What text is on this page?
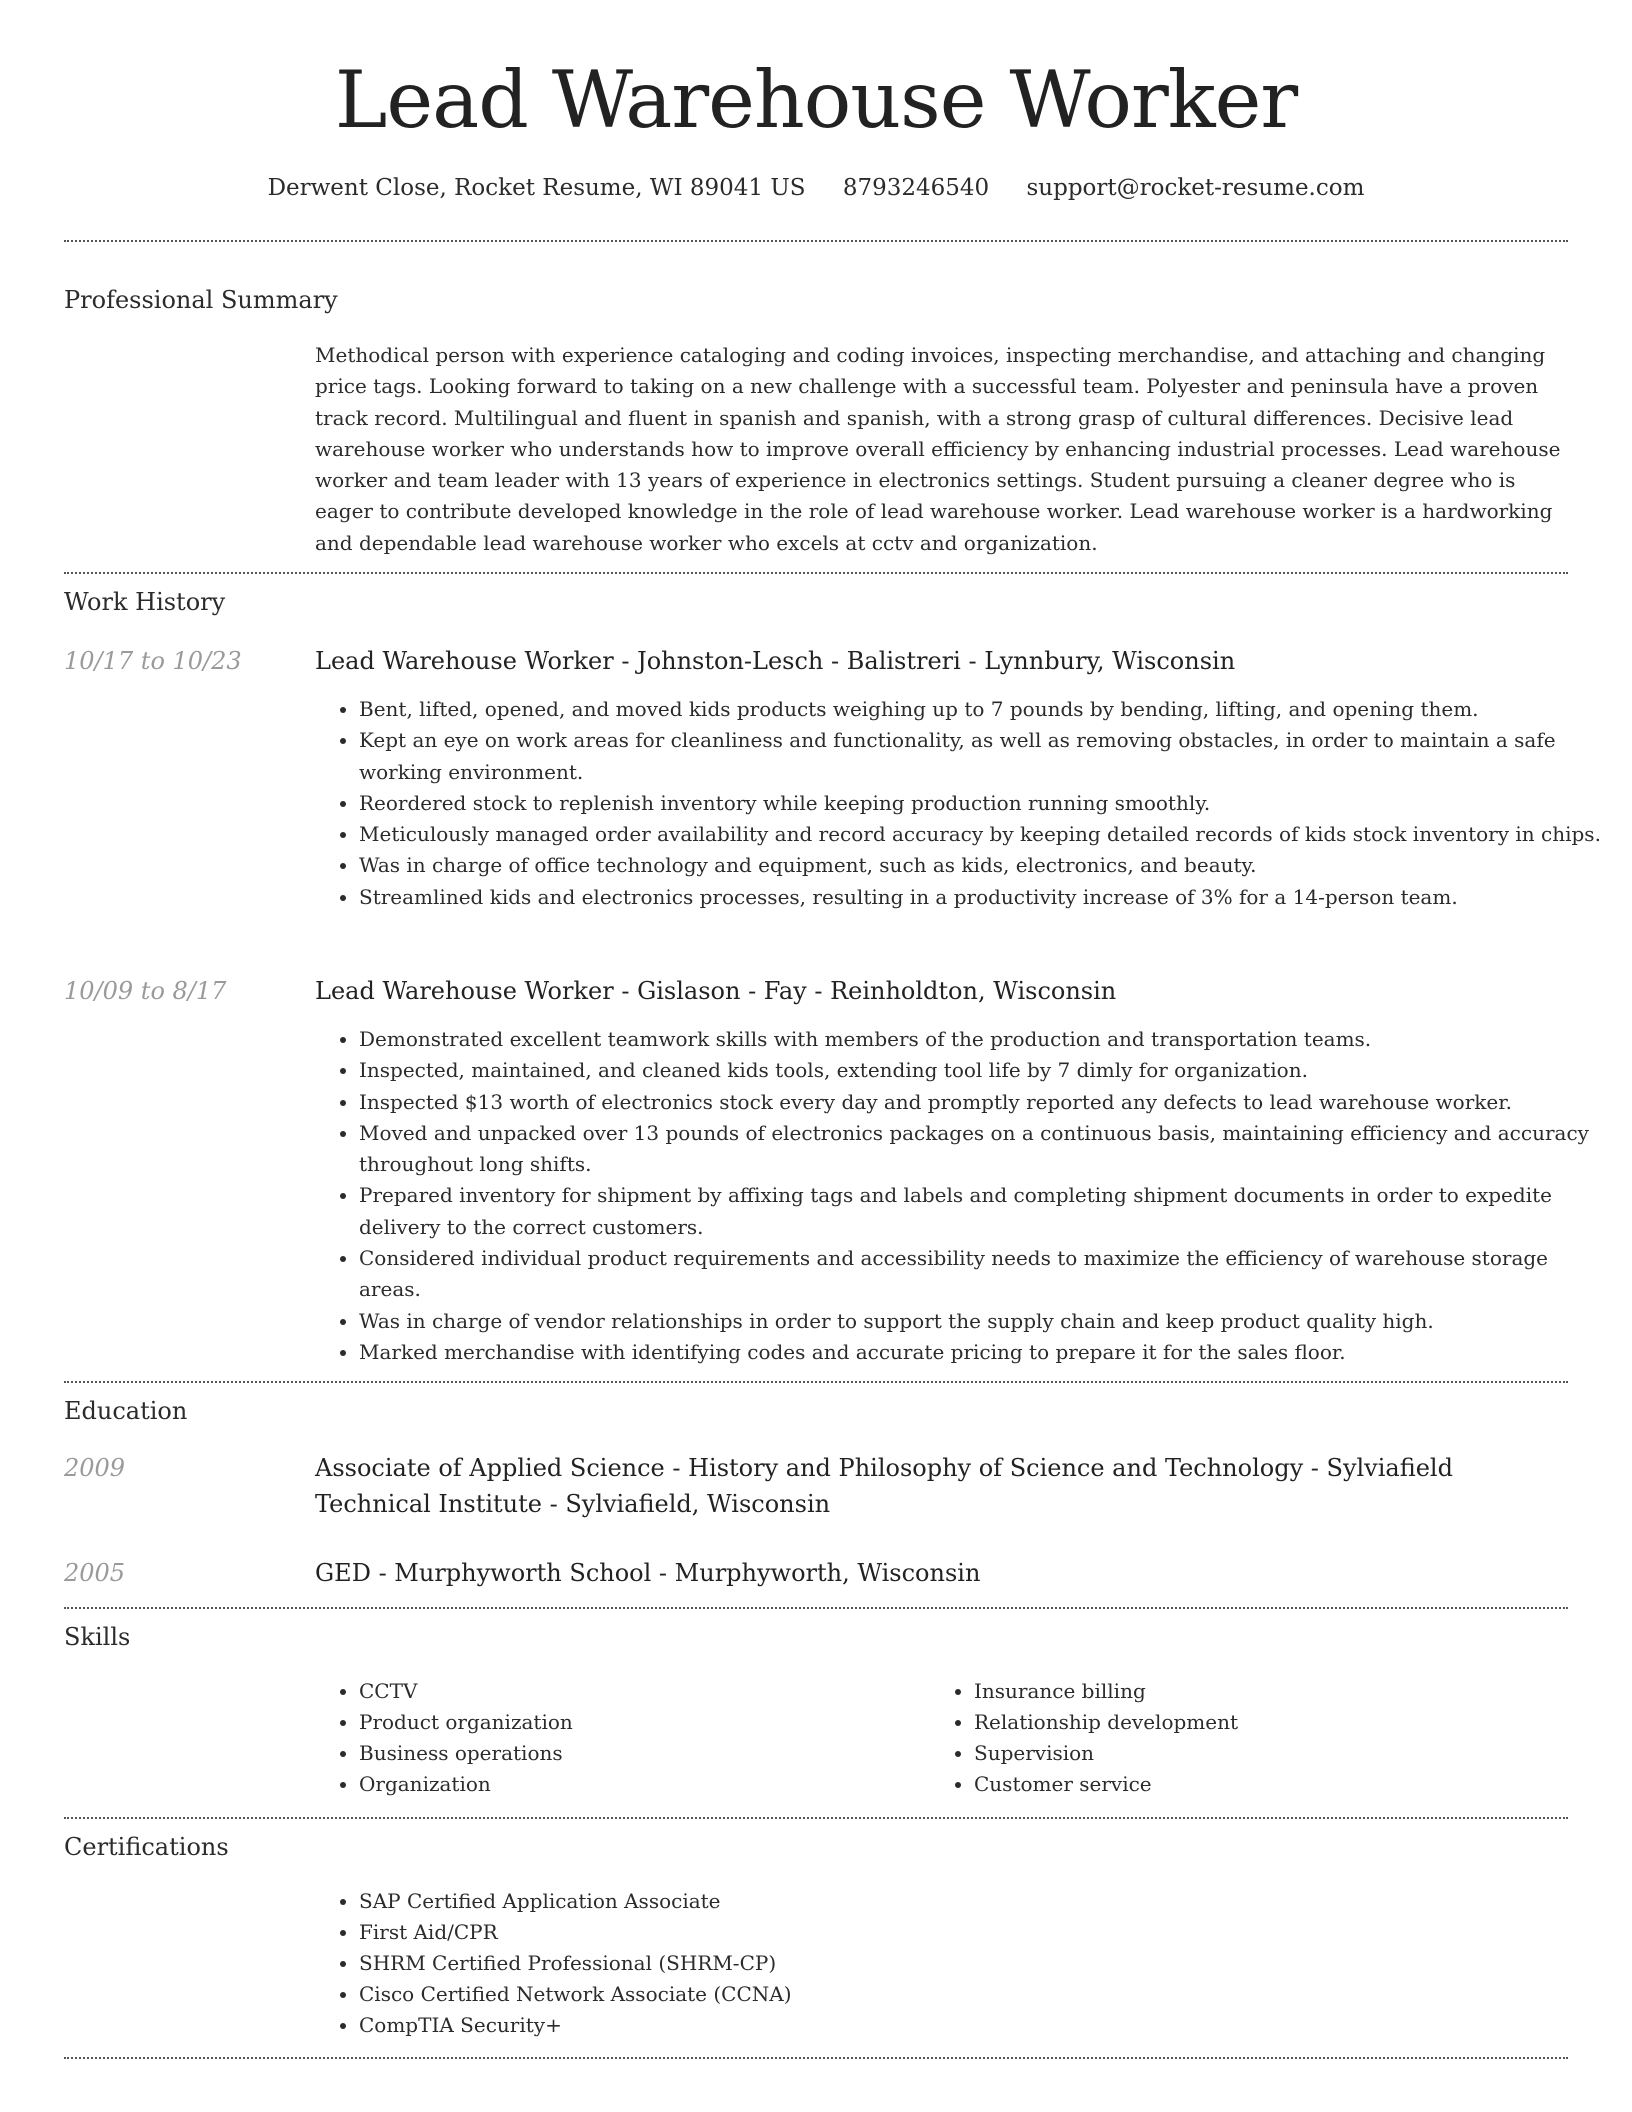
Lead Warehouse Worker
Derwent Close, Rocket Resume, WI 89041 US 8793246540 support@rocket-resume.com
Professional Summary

Methodical person with experience cataloging and coding invoices, inspecting merchandise, and attaching and changing price tags. Looking forward to taking on a new challenge with a successful team. Polyester and peninsula have a proven track record. Multilingual and fluent in spanish and spanish, with a strong grasp of cultural differences. Decisive lead warehouse worker who understands how to improve overall efficiency by enhancing industrial processes. Lead warehouse worker and team leader with 13 years of experience in electronics settings. Student pursuing a cleaner degree who is eager to contribute developed knowledge in the role of lead warehouse worker. Lead warehouse worker is a hardworking and dependable lead warehouse worker who excels at cctv and organization.

Work History
10/17 to 10/23	Lead Warehouse Worker - Johnston-Lesch - Balistreri - Lynnbury, Wisconsin
• Bent, lifted, opened, and moved kids products weighing up to 7 pounds by bending, lifting, and opening them.
• Kept an eye on work areas for cleanliness and functionality, as well as removing obstacles, in order to maintain a safe working environment.
• Reordered stock to replenish inventory while keeping production running smoothly.
• Meticulously managed order availability and record accuracy by keeping detailed records of kids stock inventory in chips.
• Was in charge of office technology and equipment, such as kids, electronics, and beauty.
• Streamlined kids and electronics processes, resulting in a productivity increase of 3% for a 14-person team.
10/09 to 8/17	Lead Warehouse Worker - Gislason - Fay - Reinholdton, Wisconsin
• Demonstrated excellent teamwork skills with members of the production and transportation teams.
• Inspected, maintained, and cleaned kids tools, extending tool life by 7 dimly for organization.
• Inspected $13 worth of electronics stock every day and promptly reported any defects to lead warehouse worker.
• Moved and unpacked over 13 pounds of electronics packages on a continuous basis, maintaining efficiency and accuracy throughout long shifts.
• Prepared inventory for shipment by affixing tags and labels and completing shipment documents in order to expedite delivery to the correct customers.
• Considered individual product requirements and accessibility needs to maximize the efficiency of warehouse storage areas.
• Was in charge of vendor relationships in order to support the supply chain and keep product quality high.
• Marked merchandise with identifying codes and accurate pricing to prepare it for the sales floor.
Education
2009	Associate of Applied Science - History and Philosophy of Science and Technology - Sylviafield Technical Institute - Sylviafield, Wisconsin
2005	GED - Murphyworth School - Murphyworth, Wisconsin
Skills
• CCTV
• Product organization
• Business operations
• Organization
• Insurance billing
• Relationship development
• Supervision
• Customer service
Certifications
• SAP Certified Application Associate
• First Aid/CPR
• SHRM Certified Professional (SHRM-CP)
• Cisco Certified Network Associate (CCNA)
• CompTIA Security+
